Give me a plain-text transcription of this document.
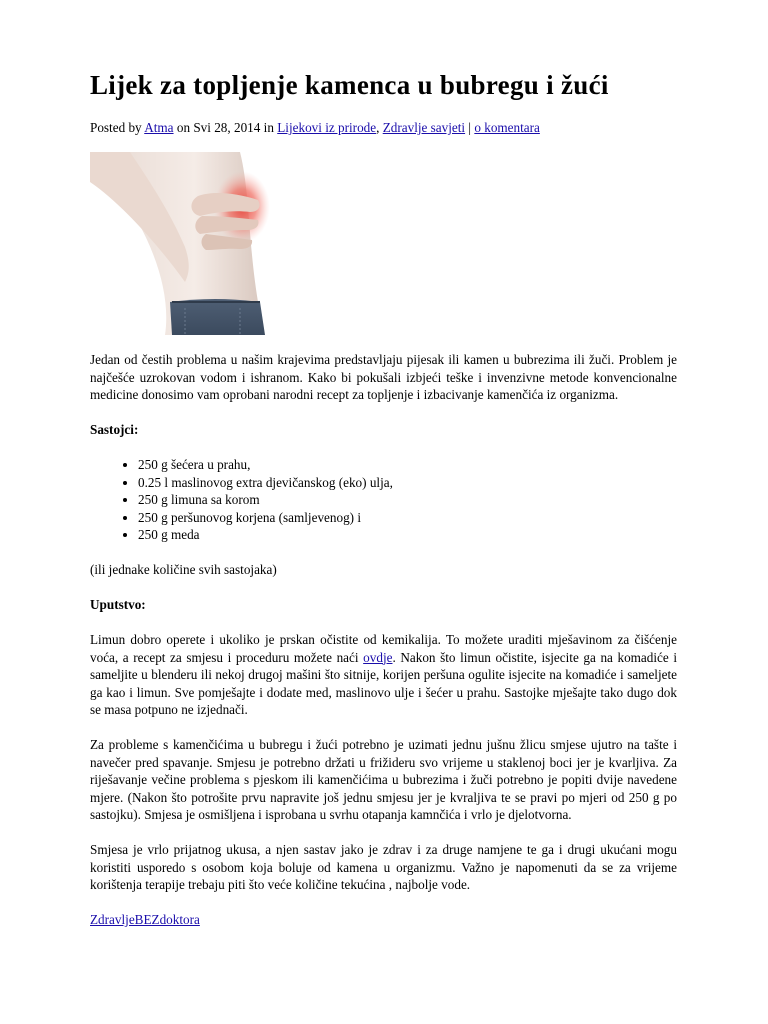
Lijek za topljenje kamenca u bubregu i žući
Posted by Atma on Svi 28, 2014 in Lijekovi iz prirode, Zdravlje savjeti | o komentara

Jedan od čestih problema u našim krajevima predstavljaju pijesak ili kamen u bubrezima ili žuči. Problem je najčešće uzrokovan vodom i ishranom. Kako bi pokušali izbjeći teške i invenzivne metode konvencionalne medicine donosimo vam oprobani narodni recept za topljenje i izbacivanje kamenčića iz organizma.

Sastojci:

• 250 g šećera u prahu,
• 0.25 l maslinovog extra djevičanskog (eko) ulja,
• 250 g limuna sa korom
• 250 g peršunovog korjena (samljevenog) i
• 250 g meda

(ili jednake količine svih sastojaka)

Uputstvo:

Limun dobro operete i ukoliko je prskan očistite od kemikalija. To možete uraditi mješavinom za čišćenje voća, a recept za smjesu i proceduru možete naći ovdje. Nakon što limun očistite, isjecite ga na komadiće i sameljite u blenderu ili nekoj drugoj mašini što sitnije, korijen peršuna ogulite isjecite na komadiće i sameljete ga kao i limun. Sve pomješajte i dodate med, maslinovo ulje i šećer u prahu. Sastojke mješajte tako dugo dok se masa potpuno ne izjednači.

Za probleme s kamenčićima u bubregu i žući potrebno je uzimati jednu jušnu žlicu smjese ujutro na tašte i navečer pred spavanje. Smjesu je potrebno držati u frižideru svo vrijeme u staklenoj boci jer je kvarljiva. Za riješavanje večine problema s pjeskom ili kamenčićima u bubrezima i žuči potrebno je popiti dvije navedene mjere. (Nakon što potrošite prvu napravite još jednu smjesu jer je kvraljiva te se pravi po mjeri od 250 g po sastojku). Smjesa je osmišljena i isprobana u svrhu otapanja kamnčića i vrlo je djelotvorna.

Smjesa je vrlo prijatnog ukusa, a njen sastav jako je zdrav i za druge namjene te ga i drugi ukućani mogu koristiti usporedo s osobom koja boluje od kamena u organizmu. Važno je napomenuti da se za vrijeme korištenja terapije trebaju piti što veće količine tekućina , najbolje vode.

ZdravljeBEZdoktora
